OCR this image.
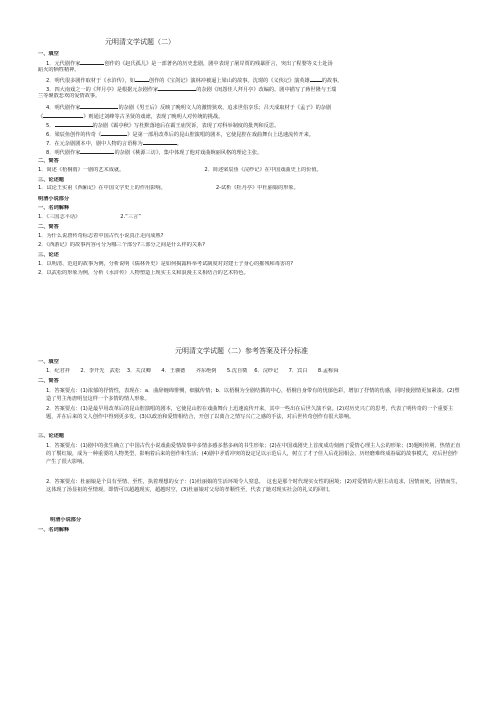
元明清文学试题（二）
一、填空
1．元代剧作家	创作的《赵氏孤儿》是一部著名的历史悲剧，剧中表现了屠岸贾的残暴肝言，突出了程婴等义士赴汤
蹈火的牺牲精神。
2．明代很多剧作取材于《水浒传》，如	创作的《宝剑记》演林冲被逼上梁山的故事。沈璟的《义侠记》演英雄 的故事。
3．四大南戏之一的《拜月亭》是根据元杂剧作家	的杂剧《闺怨佳人拜月亭》改编的。剧中描写了蒋世隆与王瑞
兰等聚散悲欢的爱情故事。
4．明代剧作家	的杂剧《男王后》反映了晚明文人的激情狭欢、追求世俗享乐；吕天成取材于《孟子》的杂剧
《	》则通过刘峰等古圣贤的戏谑，表现了晚明人对传统的挑战。
5．	的杂剧《霸亭秋》写杜默落地后在霸王庙哭诉，表现了对科举制度的批判和反思。
6．梁辰鱼创作的传奇《	》是第一部用改革后的昆山腔演唱的剧本，它使昆腔在戏曲舞台上迅速流传开来。
7．在元杂剧剧本中，剧中人物的言语称为	。
8．明代剧作家	的杂剧《桃源三访》，集中体现了他对戏曲婉丽风格的理论主张。
二、简答
1．简述《梧桐雨》一剧的艺术成就。	2．简述梁辰鱼《浣纱记》在中国戏曲史上的价值。
三、论述题
1．试论王实甫《西厢记》在中国文学史上的作用影响。	2-试析《牡丹亭》中杜丽娘的形象。
明清小说部分
一、名词解释
1．《三国志平话》	2.“三言”
二、简答
1．为什么说唐传奇标志着中国古代小说真正走向成熟?
2．《西游记》的故事内容可分为哪三个部分?三部分之间是什么样的关系?
三、论述
1．以明清、范进的故事为例，分析说明《儒林外史》是如何揭露科举考试制度对封建士子身心的摧残和毒害的?
2．以武松的形象为例，分析《水浒传》人物塑造上现实主义和浪漫主义相结合的艺术特色。
元明清文学试题（二）参考答案及评分标准
一、填空
1．纪君祥　　2．李开先　武松　 3．关汉卿　　4．王骥德　　齐东绝倒　　5.沈自徵　 6．浣纱记　　7．宾白　　8.孟称舜
二、简答
1．答案要点：(1)浓郁的抒情性，表现在：a．曲辞缠绵悱恻，细腻传情；b．以梧桐为全剧结撰的中心，梧桐自身带有的忧郁色彩，增加了抒情的伤感，同时使剧情更加紧凑。(2)塑造了男主角唐明皇这样一个多情的情人形象。
2．答案要点：(1)是最早用改革后的昆山腔演唱的剧本，它使昆山腔在戏曲舞台上迅速流传开来，其中一些出在后世久演不衰。(2)对历史兴亡的思考，代表了明传奇的一个重要主题，并在后来的文人创作中得到更多发。(3)以政治和爱情相结合，开创了以离合之情写兴亡之感的手法，对后世传奇创作有很大影响。
三、论述题
1．答案要点：(1)剧中的张生确立了中国古代小说戏曲爱情故事中多情多感多愁多病的书生形象；(2)在中国戏剧史上首度成功刻画了爱情心理主人公的形象；(3)题明传荆、热情正直的丫鬟红娘，成为一种重要的人物类型，影响着后来的创作和生活；(4)剧中矛盾冲突的设定足以示范后人，树立了才子佳人后花园相会、历经磨难终成眷属的故事模式，对后世创作产生了很大影响。
2．答案要点：杜丽娘是个具有至情、至性，执着理想的女子：(1)杜丽娘的生活环境令人窒息，　这也是那个时代现实女性的困境；(2)对爱情的大胆主动追求，因情而死，因情而生，这体现了汤显祖的至情观，即情可以超越现实，超越时空，(3)杜丽娘对父母的孝顺性至，代表了她对现实社会的礼义的回归。
明清小说部分
一、名词解释
